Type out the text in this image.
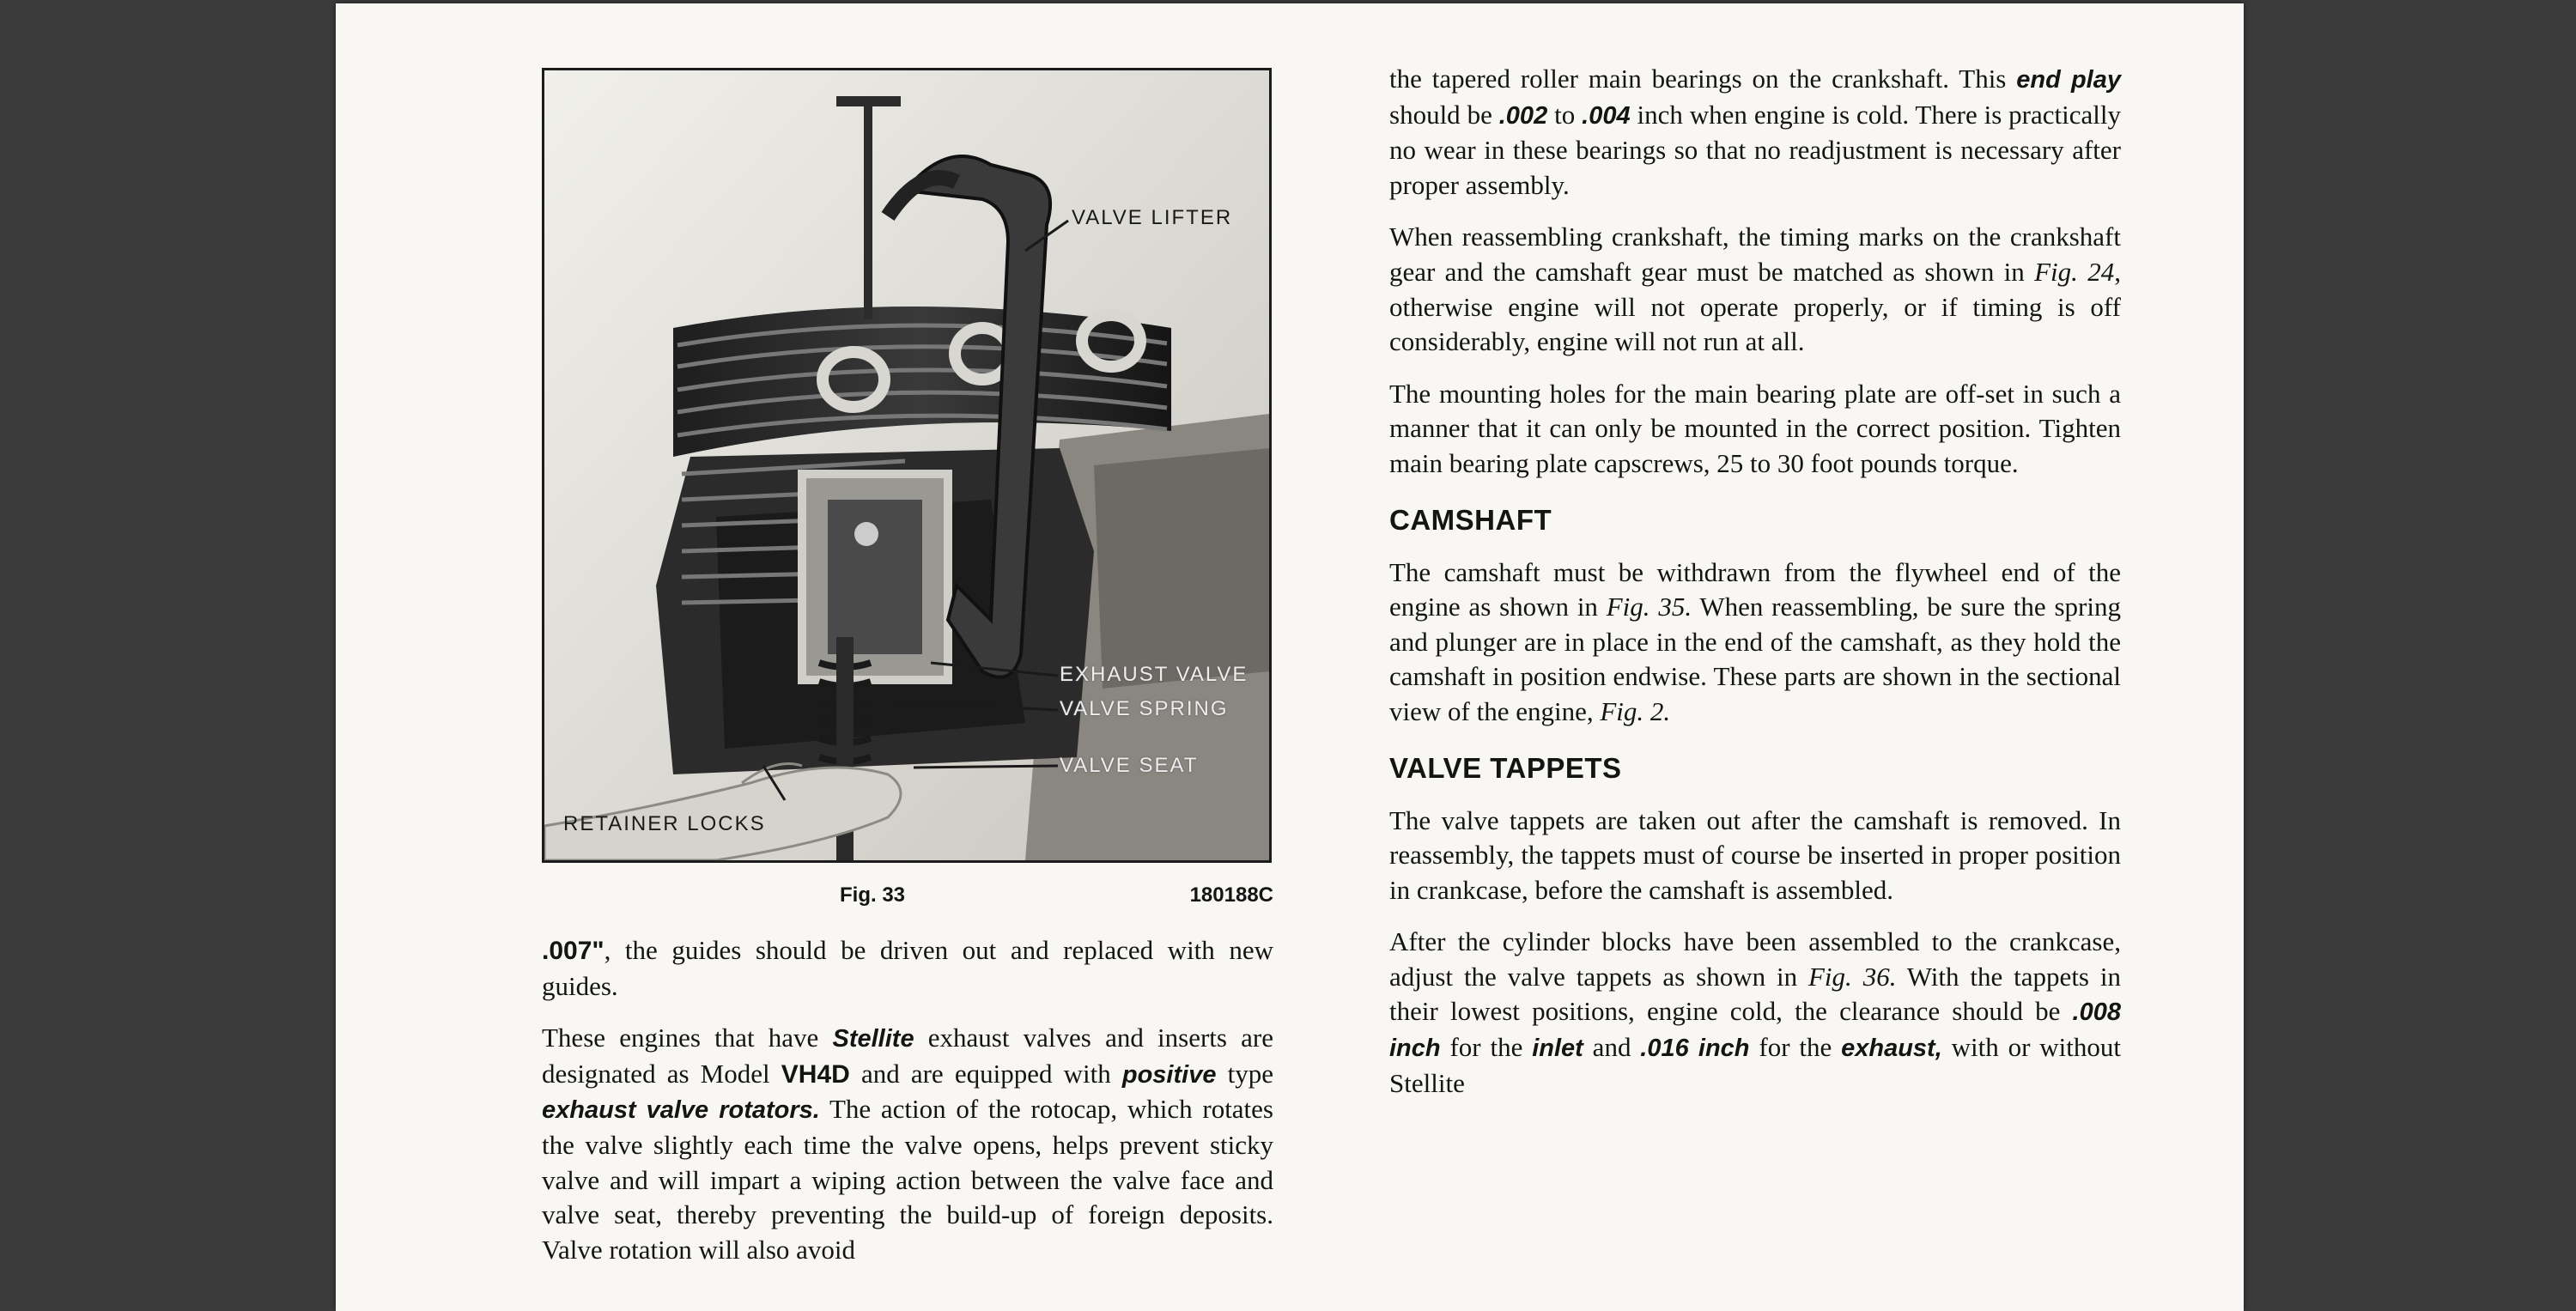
VALVE LIFTER
EXHAUST VALVE
VALVE SPRING
VALVE SEAT
RETAINER LOCKS
Fig. 33	180188C

.007", the guides should be driven out and replaced with new guides.

These engines that have Stellite exhaust valves and inserts are designated as Model VH4D and are equipped with positive type exhaust valve rotators. The action of the rotocap, which rotates the valve slightly each time the valve opens, helps prevent sticky valve and will impart a wiping action between the valve face and valve seat, thereby preventing the build-up of foreign deposits. Valve rotation will also avoid

the tapered roller main bearings on the crankshaft. This end play should be .002 to .004 inch when engine is cold. There is practically no wear in these bearings so that no readjustment is necessary after proper assembly.

When reassembling crankshaft, the timing marks on the crankshaft gear and the camshaft gear must be matched as shown in Fig. 24, otherwise engine will not operate properly, or if timing is off considerably, engine will not run at all.

The mounting holes for the main bearing plate are off-set in such a manner that it can only be mounted in the correct position. Tighten main bearing plate capscrews, 25 to 30 foot pounds torque.

CAMSHAFT

The camshaft must be withdrawn from the flywheel end of the engine as shown in Fig. 35. When reassembling, be sure the spring and plunger are in place in the end of the camshaft, as they hold the camshaft in position endwise. These parts are shown in the sectional view of the engine, Fig. 2.

VALVE TAPPETS

The valve tappets are taken out after the camshaft is removed. In reassembly, the tappets must of course be inserted in proper position in crankcase, before the camshaft is assembled.

After the cylinder blocks have been assembled to the crankcase, adjust the valve tappets as shown in Fig. 36. With the tappets in their lowest positions, engine cold, the clearance should be .008 inch for the inlet and .016 inch for the exhaust, with or without Stellite
